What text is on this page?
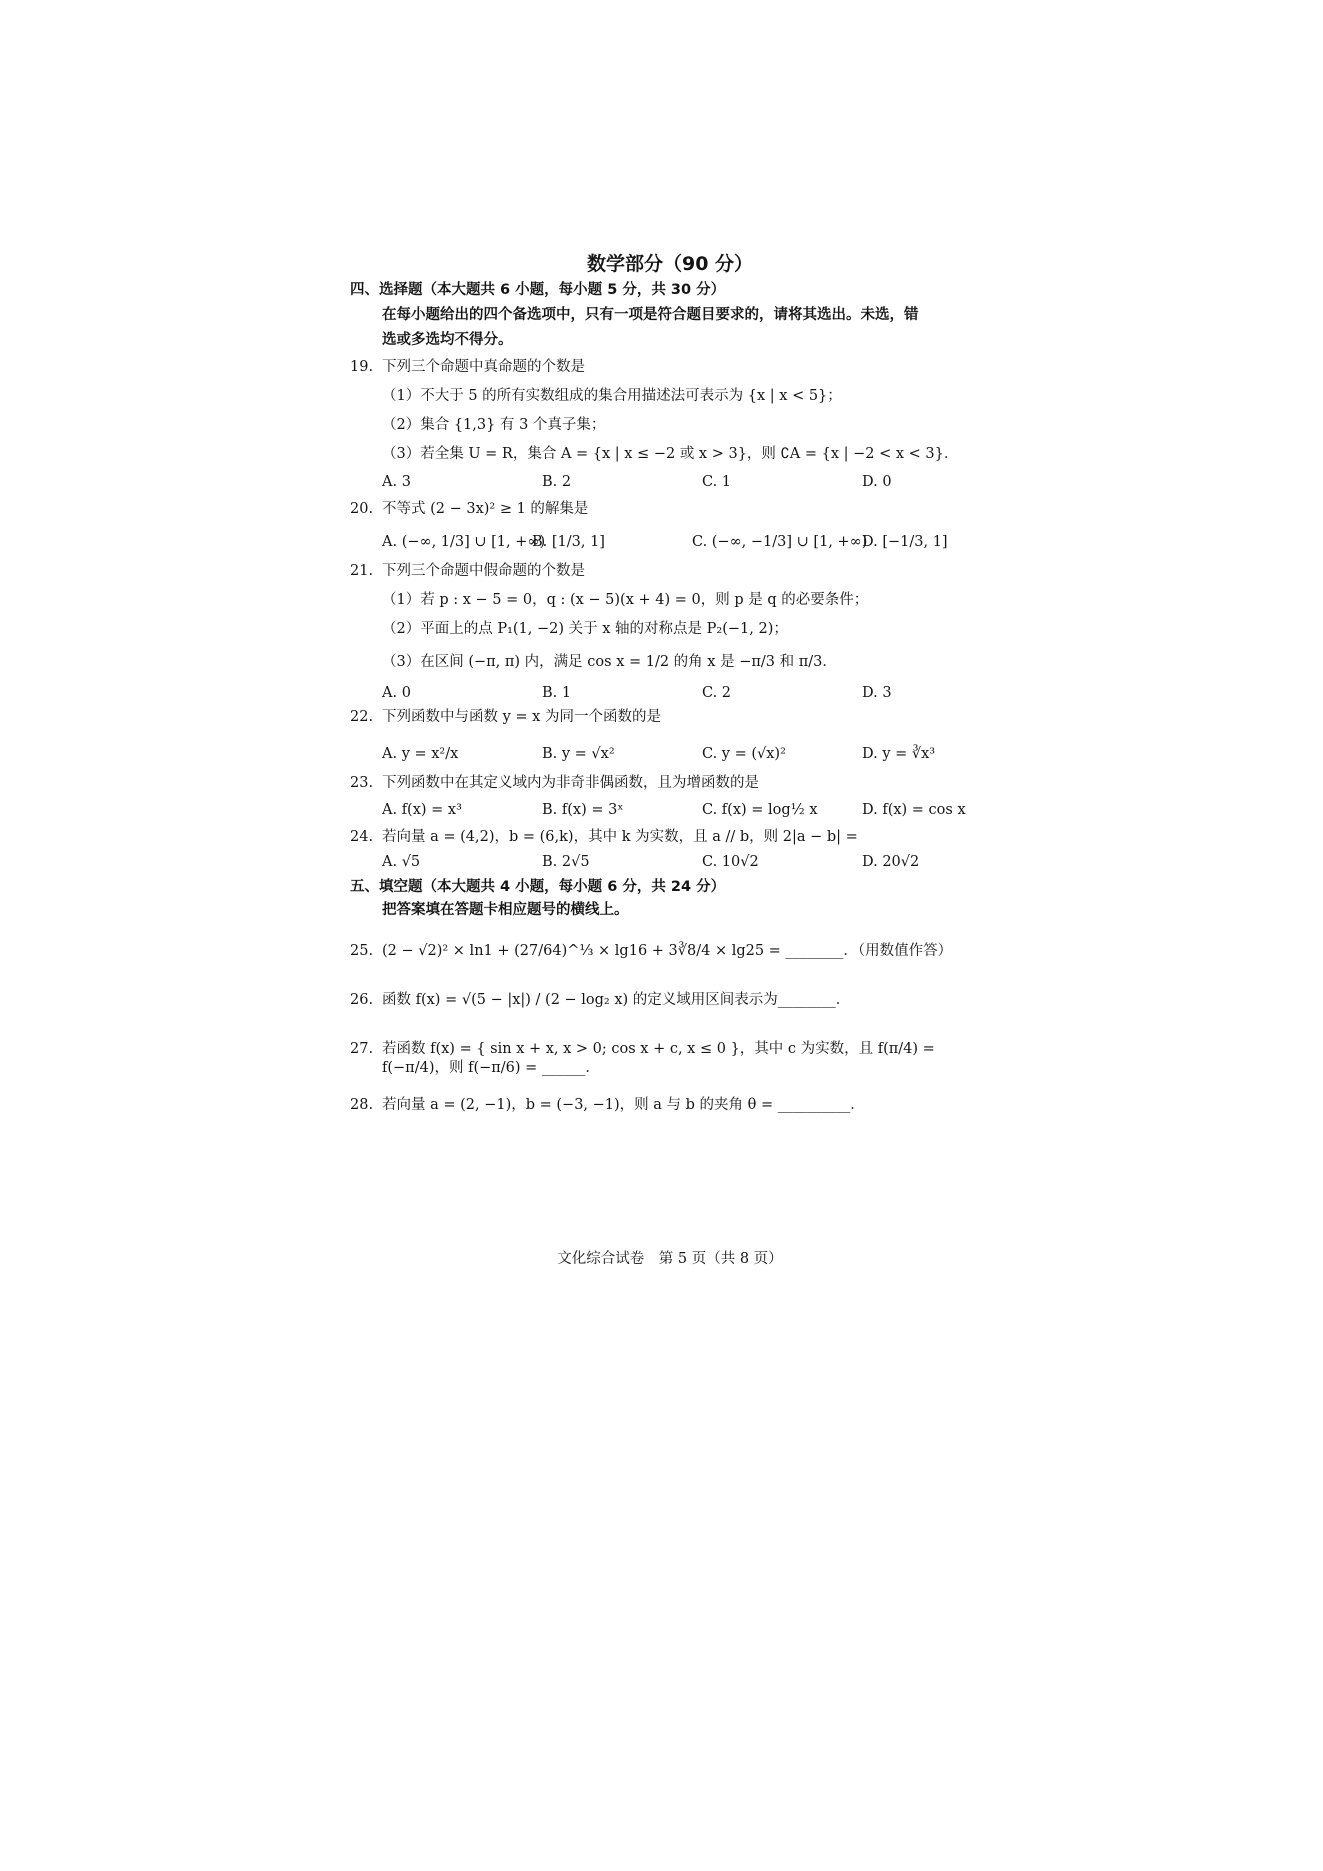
数学部分（90 分）
四、选择题（本大题共 6 小题，每小题 5 分，共 30 分）
在每小题给出的四个备选项中，只有一项是符合题目要求的，请将其选出。未选，错
选或多选均不得分。
19. 下列三个命题中真命题的个数是
（1）不大于 5 的所有实数组成的集合用描述法可表示为 {x | x < 5}；
（2）集合 {1,3} 有 3 个真子集；
（3）若全集 U = R，集合 A = {x | x ≤ −2 或 x > 3}，则 ∁A = {x | −2 < x < 3}．
A. 3	B. 2	C. 1	D. 0
20. 不等式 (2 − 3x)² ≥ 1 的解集是
A. (−∞, 1/3] ∪ [1, +∞)
B. [1/3, 1]	C. (−∞, −1/3] ∪ [1, +∞)
D. [−1/3, 1]
21. 下列三个命题中假命题的个数是
（1）若 p : x − 5 = 0，q : (x − 5)(x + 4) = 0，则 p 是 q 的必要条件；
（2）平面上的点 P₁(1, −2) 关于 x 轴的对称点是 P₂(−1, 2)；
（3）在区间 (−π, π) 内，满足 cos x = 1/2 的角 x 是 −π/3 和 π/3．
A. 0	B. 1	C. 2	D. 3
22. 下列函数中与函数 y = x 为同一个函数的是
A. y = x²/x	B. y = √x²	C. y = (√x)²	D. y = ∛x³
23. 下列函数中在其定义域内为非奇非偶函数，且为增函数的是
A. f(x) = x³	B. f(x) = 3ˣ	C. f(x) = log½ x	D. f(x) = cos x
24. 若向量 a = (4,2)，b = (6,k)，其中 k 为实数，且 a // b，则 2|a − b| =
A. √5	B. 2√5	C. 10√2	D. 20√2
五、填空题（本大题共 4 小题，每小题 6 分，共 24 分）
把答案填在答题卡相应题号的横线上。
25. (2 − √2)² × ln1 + (27/64)^⅓ × lg16 + 3∛8/4 × lg25 = ________．（用数值作答）
26. 函数 f(x) = √(5 − |x|) / (2 − log₂ x) 的定义域用区间表示为________．
27. 若函数 f(x) = { sin x + x, x > 0; cos x + c, x ≤ 0 }，其中 c 为实数，且 f(π/4) = f(−π/4)，则 f(−π/6) = ______．
28. 若向量 a = (2, −1)，b = (−3, −1)，则 a 与 b 的夹角 θ = __________．
文化综合试卷　第 5 页（共 8 页）
